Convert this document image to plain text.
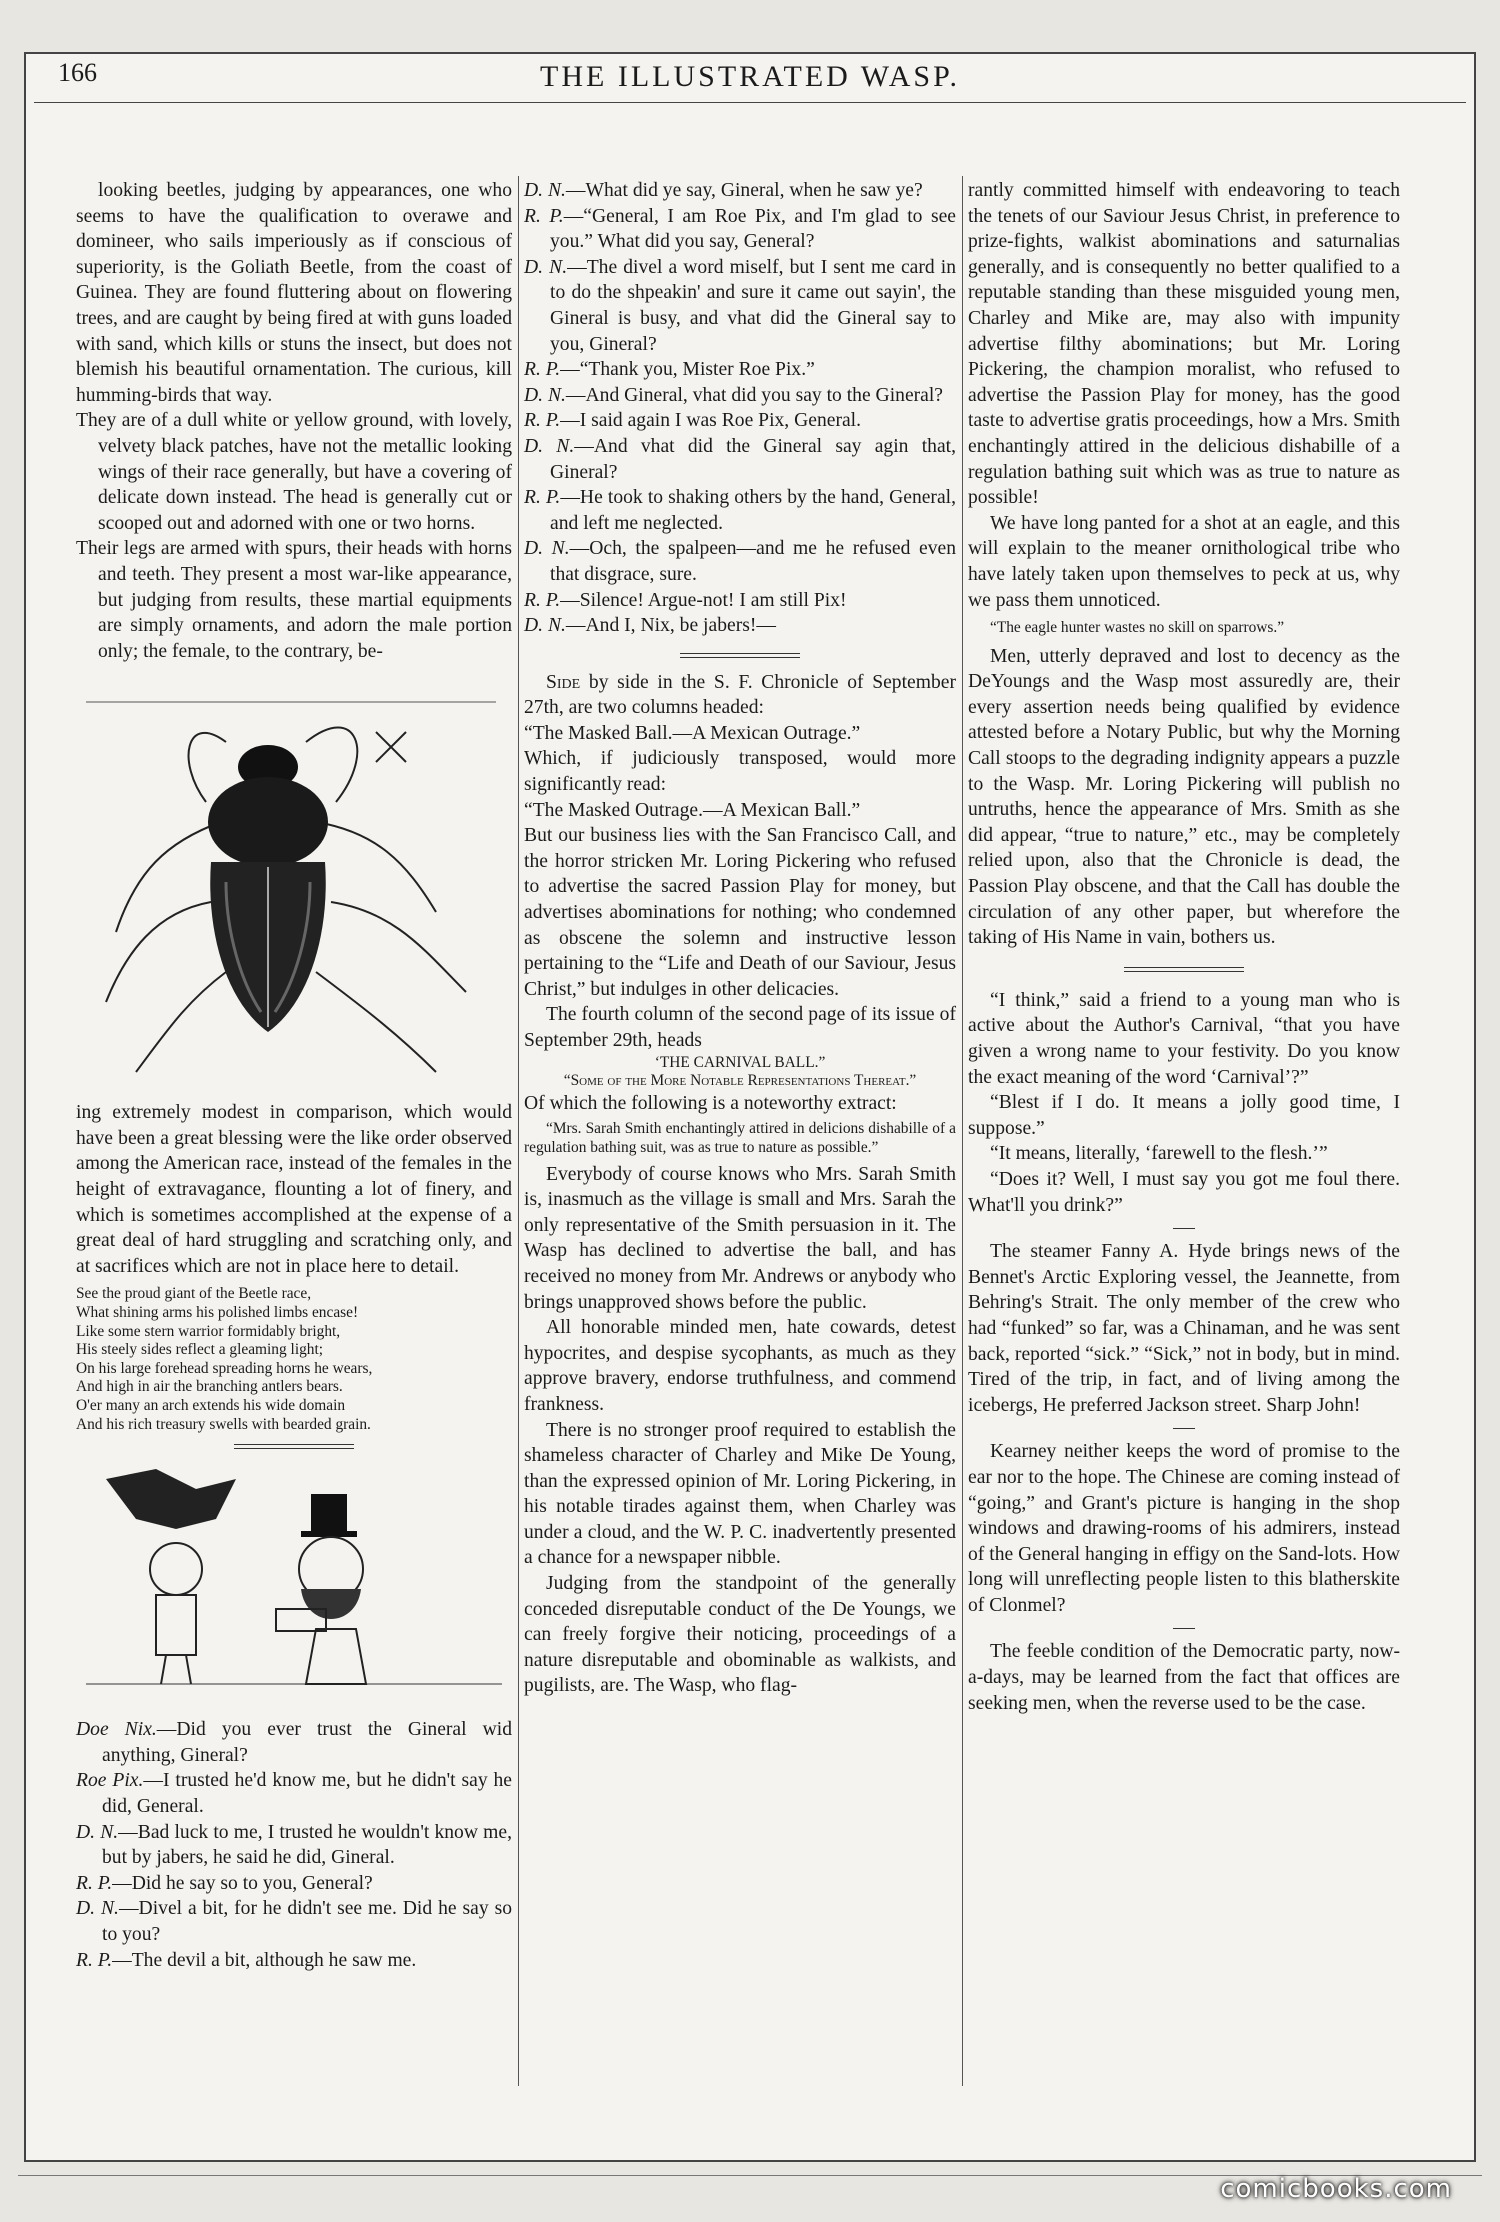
166	THE ILLUSTRATED WASP.

looking beetles, judging by appearances, one who seems to have the qualification to overawe and domineer, who sails imperiously as if conscious of superiority, is the Goliath Beetle, from the coast of Guinea. They are found fluttering about on flowering trees, and are caught by being fired at with guns loaded with sand, which kills or stuns the insect, but does not blemish his beautiful ornamentation. The curious, kill humming-birds that way.

They are of a dull white or yellow ground, with lovely, velvety black patches, have not the metallic looking wings of their race generally, but have a covering of delicate down instead. The head is generally cut or scooped out and adorned with one or two horns.

Their legs are armed with spurs, their heads with horns and teeth. They present a most war-like appearance, but judging from results, these martial equipments are simply ornaments, and adorn the male portion only; the female, to the contrary, be-

ing extremely modest in comparison, which would have been a great blessing were the like order observed among the American race, instead of the females in the height of extravagance, flounting a lot of finery, and which is sometimes accomplished at the expense of a great deal of hard struggling and scratching only, and at sacrifices which are not in place here to detail.

See the proud giant of the Beetle race,
What shining arms his polished limbs encase!
Like some stern warrior formidably bright,
His steely sides reflect a gleaming light;
On his large forehead spreading horns he wears,
And high in air the branching antlers bears.
O'er many an arch extends his wide domain
And his rich treasury swells with bearded grain.

Doe Nix.—Did you ever trust the Gineral wid anything, Gineral?

Roe Pix.—I trusted he'd know me, but he didn't say he did, General.

D. N.—Bad luck to me, I trusted he wouldn't know me, but by jabers, he said he did, Gineral.

R. P.—Did he say so to you, General?

D. N.—Divel a bit, for he didn't see me. Did he say so to you?

R. P.—The devil a bit, although he saw me.

D. N.—What did ye say, Gineral, when he saw ye?

R. P.—“General, I am Roe Pix, and I'm glad to see you.” What did you say, General?

D. N.—The divel a word miself, but I sent me card in to do the shpeakin' and sure it came out sayin', the Gineral is busy, and vhat did the Gineral say to you, Gineral?

R. P.—“Thank you, Mister Roe Pix.”

D. N.—And Gineral, vhat did you say to the Gineral?

R. P.—I said again I was Roe Pix, General.

D. N.—And vhat did the Gineral say agin that, Gineral?

R. P.—He took to shaking others by the hand, General, and left me neglected.

D. N.—Och, the spalpeen—and me he refused even that disgrace, sure.

R. P.—Silence! Argue-not! I am still Pix!

D. N.—And I, Nix, be jabers!—

Side by side in the S. F. Chronicle of September 27th, are two columns headed:

“The Masked Ball.—A Mexican Outrage.”

Which, if judiciously transposed, would more significantly read:

“The Masked Outrage.—A Mexican Ball.”

But our business lies with the San Francisco Call, and the horror stricken Mr. Loring Pickering who refused to advertise the sacred Passion Play for money, but advertises abominations for nothing; who condemned as obscene the solemn and instructive lesson pertaining to the “Life and Death of our Saviour, Jesus Christ,” but indulges in other delicacies.

The fourth column of the second page of its issue of September 29th, heads

‘THE CARNIVAL BALL.”

“Some of the More Notable Representations Thereat.”

Of which the following is a noteworthy extract:

“Mrs. Sarah Smith enchantingly attired in delicions dishabille of a regulation bathing suit, was as true to nature as possible.”

Everybody of course knows who Mrs. Sarah Smith is, inasmuch as the village is small and Mrs. Sarah the only representative of the Smith persuasion in it. The Wasp has declined to advertise the ball, and has received no money from Mr. Andrews or anybody who brings unapproved shows before the public.

All honorable minded men, hate cowards, detest hypocrites, and despise sycophants, as much as they approve bravery, endorse truthfulness, and commend frankness.

There is no stronger proof required to establish the shameless character of Charley and Mike De Young, than the expressed opinion of Mr. Loring Pickering, in his notable tirades against them, when Charley was under a cloud, and the W. P. C. inadvertently presented a chance for a newspaper nibble.

Judging from the standpoint of the generally conceded disreputable conduct of the De Youngs, we can freely forgive their noticing, proceedings of a nature disreputable and obominable as walkists, and pugilists, are. The Wasp, who flag-

rantly committed himself with endeavoring to teach the tenets of our Saviour Jesus Christ, in preference to prize-fights, walkist abominations and saturnalias generally, and is consequently no better qualified to a reputable standing than these misguided young men, Charley and Mike are, may also with impunity advertise filthy abominations; but Mr. Loring Pickering, the champion moralist, who refused to advertise the Passion Play for money, has the good taste to advertise gratis proceedings, how a Mrs. Smith enchantingly attired in the delicious dishabille of a regulation bathing suit which was as true to nature as possible!

We have long panted for a shot at an eagle, and this will explain to the meaner ornithological tribe who have lately taken upon themselves to peck at us, why we pass them unnoticed.

“The eagle hunter wastes no skill on sparrows.”

Men, utterly depraved and lost to decency as the DeYoungs and the Wasp most assuredly are, their every assertion needs being qualified by evidence attested before a Notary Public, but why the Morning Call stoops to the degrading indignity appears a puzzle to the Wasp. Mr. Loring Pickering will publish no untruths, hence the appearance of Mrs. Smith as she did appear, “true to nature,” etc., may be completely relied upon, also that the Chronicle is dead, the Passion Play obscene, and that the Call has double the circulation of any other paper, but wherefore the taking of His Name in vain, bothers us.

“I think,” said a friend to a young man who is active about the Author's Carnival, “that you have given a wrong name to your festivity. Do you know the exact meaning of the word ‘Carnival’?”

“Blest if I do. It means a jolly good time, I suppose.”

“It means, literally, ‘farewell to the flesh.’”

“Does it? Well, I must say you got me foul there. What'll you drink?”

The steamer Fanny A. Hyde brings news of the Bennet's Arctic Exploring vessel, the Jeannette, from Behring's Strait. The only member of the crew who had “funked” so far, was a Chinaman, and he was sent back, reported “sick.” “Sick,” not in body, but in mind. Tired of the trip, in fact, and of living among the icebergs, He preferred Jackson street. Sharp John!

Kearney neither keeps the word of promise to the ear nor to the hope. The Chinese are coming instead of “going,” and Grant's picture is hanging in the shop windows and drawing-rooms of his admirers, instead of the General hanging in effigy on the Sand-lots. How long will unreflecting people listen to this blatherskite of Clonmel?

The feeble condition of the Democratic party, now-a-days, may be learned from the fact that offices are seeking men, when the reverse used to be the case.

comicbooks.com
